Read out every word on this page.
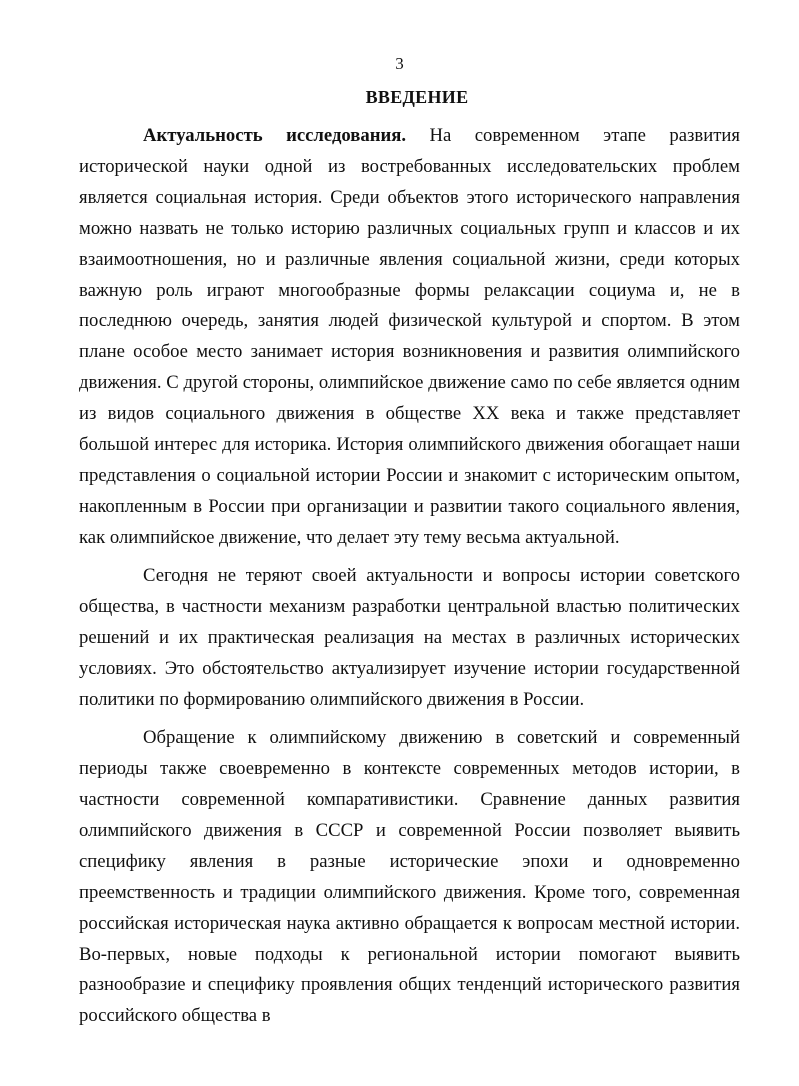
3
ВВЕДЕНИЕ

Актуальность исследования. На современном этапе развития исторической науки одной из востребованных исследовательских проблем является социальная история. Среди объектов этого исторического направления можно назвать не только историю различных социальных групп и классов и их взаимоотношения, но и различные явления социальной жизни, среди которых важную роль играют многообразные формы релаксации социума и, не в последнюю очередь, занятия людей физической культурой и спортом. В этом плане особое место занимает история возникновения и развития олимпийского движения. С другой стороны, олимпийское движение само по себе является одним из видов социального движения в обществе XX века и также представляет большой интерес для историка. История олимпийского движения обогащает наши представления о социальной истории России и знакомит с историческим опытом, накопленным в России при организации и развитии такого социального явления, как олимпийское движение, что делает эту тему весьма актуальной.

Сегодня не теряют своей актуальности и вопросы истории советского общества, в частности механизм разработки центральной властью политических решений и их практическая реализация на местах в различных исторических условиях. Это обстоятельство актуализирует изучение истории государственной политики по формированию олимпийского движения в России.

Обращение к олимпийскому движению в советский и современный периоды также своевременно в контексте современных методов истории, в частности современной компаративистики. Сравнение данных развития олимпийского движения в СССР и современной России позволяет выявить специфику явления в разные исторические эпохи и одновременно преемственность и традиции олимпийского движения. Кроме того, современная российская историческая наука активно обращается к вопросам местной истории. Во-первых, новые подходы к региональной истории помогают выявить разнообразие и специфику проявления общих тенденций исторического развития российского общества в
